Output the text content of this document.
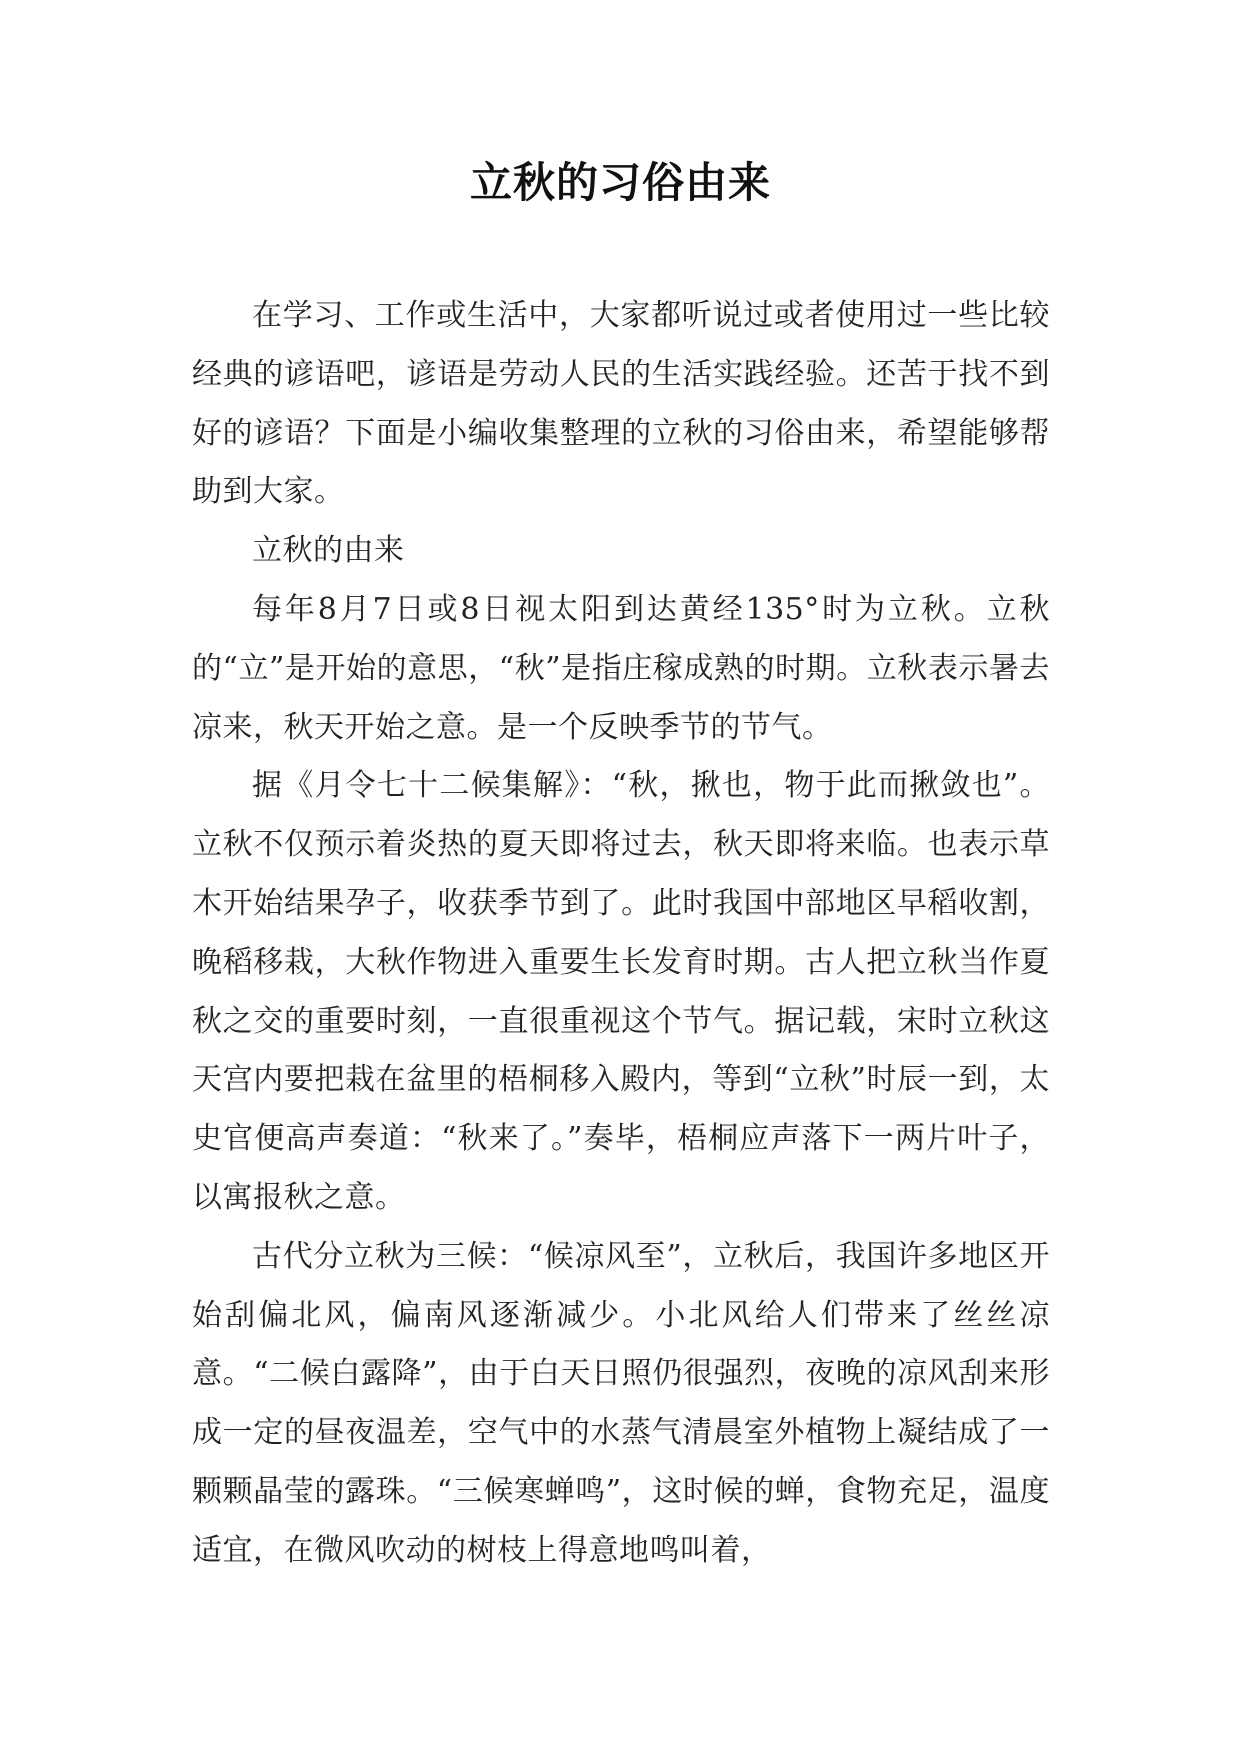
立秋的习俗由来

在学习、工作或生活中，大家都听说过或者使用过一些比较经典的谚语吧，谚语是劳动人民的生活实践经验。还苦于找不到好的谚语？下面是小编收集整理的立秋的习俗由来，希望能够帮助到大家。

立秋的由来

每年8月7日或8日视太阳到达黄经135°时为立秋。立秋的“立”是开始的意思，“秋”是指庄稼成熟的时期。立秋表示暑去凉来，秋天开始之意。是一个反映季节的节气。

据《月令七十二候集解》：“秋，揪也，物于此而揪敛也”。立秋不仅预示着炎热的夏天即将过去，秋天即将来临。也表示草木开始结果孕子，收获季节到了。此时我国中部地区早稻收割，晚稻移栽，大秋作物进入重要生长发育时期。古人把立秋当作夏秋之交的重要时刻，一直很重视这个节气。据记载，宋时立秋这天宫内要把栽在盆里的梧桐移入殿内，等到“立秋”时辰一到，太史官便高声奏道：“秋来了。”奏毕，梧桐应声落下一两片叶子，以寓报秋之意。

古代分立秋为三候：“候凉风至”，立秋后，我国许多地区开始刮偏北风，偏南风逐渐减少。小北风给人们带来了丝丝凉意。“二候白露降”，由于白天日照仍很强烈，夜晚的凉风刮来形成一定的昼夜温差，空气中的水蒸气清晨室外植物上凝结成了一颗颗晶莹的露珠。“三候寒蝉鸣”，这时候的蝉，食物充足，温度适宜，在微风吹动的树枝上得意地鸣叫着，
